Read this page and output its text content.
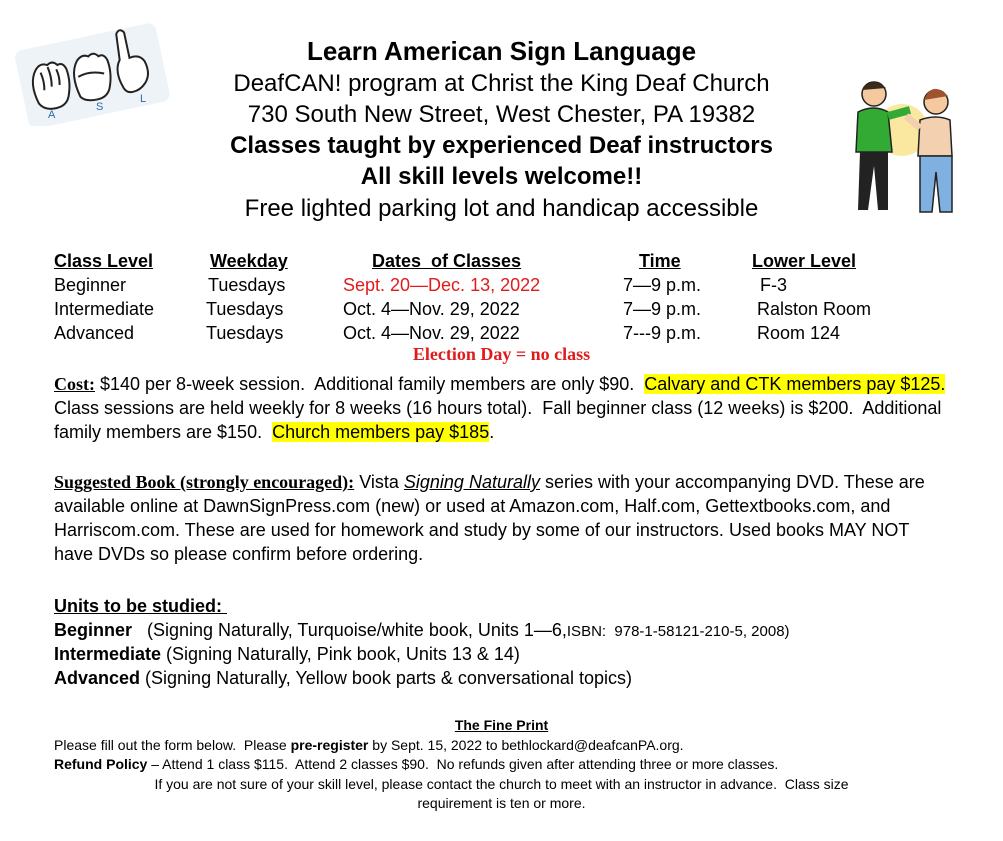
A
S
L
Learn American Sign Language
DeafCAN! program at Christ the King Deaf Church
730 South New Street, West Chester, PA 19382
Classes taught by experienced Deaf instructors
All skill levels welcome!!
Free lighted parking lot and handicap accessible
Class Level	Weekday	Dates  of Classes	Time	Lower Level
Beginner	Tuesdays	Sept. 20—Dec. 13, 2022	7—9 p.m.	F-3
Intermediate	Tuesdays	Oct. 4—Nov. 29, 2022	7—9 p.m.	Ralston Room
Advanced	Tuesdays	Oct. 4—Nov. 29, 2022	7---9 p.m.	Room 124
Election Day = no class
Cost: $140 per 8-week session.  Additional family members are only $90.  Calvary and CTK members pay $125.  Class sessions are held weekly for 8 weeks (16 hours total).  Fall beginner class (12 weeks) is $200.  Additional family members are $150.  Church members pay $185.
Suggested Book (strongly encouraged): Vista Signing Naturally series with your accompanying DVD. These are available online at DawnSignPress.com (new) or used at Amazon.com, Half.com, Gettextbooks.com, and Harriscom.com. These are used for homework and study by some of our instructors. Used books MAY NOT have DVDs so please confirm before ordering.
Units to be studied:
Beginner   (Signing Naturally, Turquoise/white book, Units 1—6,ISBN:  978-1-58121-210-5, 2008)
Intermediate (Signing Naturally, Pink book, Units 13 & 14)
Advanced (Signing Naturally, Yellow book parts & conversational topics)
The Fine Print
Please fill out the form below.  Please pre-register by Sept. 15, 2022 to bethlockard@deafcanPA.org.
Refund Policy – Attend 1 class $115.  Attend 2 classes $90.  No refunds given after attending three or more classes.
If you are not sure of your skill level, please contact the church to meet with an instructor in advance.  Class size
requirement is ten or more.
